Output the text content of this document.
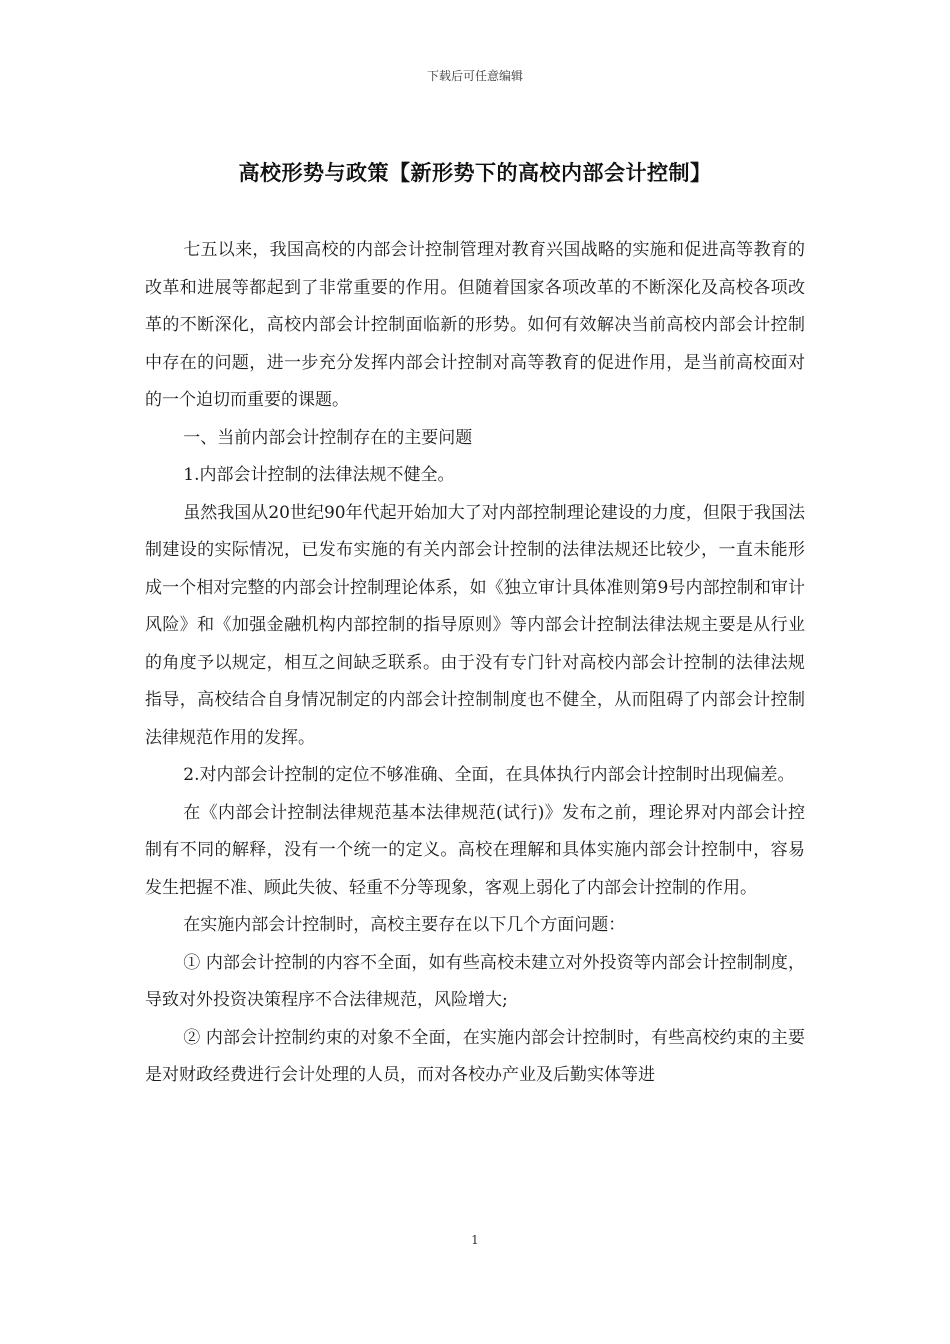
下载后可任意编辑
高校形势与政策【新形势下的高校内部会计控制】

七五以来，我国高校的内部会计控制管理对教育兴国战略的实施和促进高等教育的改革和进展等都起到了非常重要的作用。但随着国家各项改革的不断深化及高校各项改革的不断深化，高校内部会计控制面临新的形势。如何有效解决当前高校内部会计控制中存在的问题，进一步充分发挥内部会计控制对高等教育的促进作用，是当前高校面对的一个迫切而重要的课题。

一、当前内部会计控制存在的主要问题

1.内部会计控制的法律法规不健全。

虽然我国从20世纪90年代起开始加大了对内部控制理论建设的力度，但限于我国法制建设的实际情况，已发布实施的有关内部会计控制的法律法规还比较少，一直未能形成一个相对完整的内部会计控制理论体系，如《独立审计具体准则第9号内部控制和审计风险》和《加强金融机构内部控制的指导原则》等内部会计控制法律法规主要是从行业的角度予以规定，相互之间缺乏联系。由于没有专门针对高校内部会计控制的法律法规指导，高校结合自身情况制定的内部会计控制制度也不健全，从而阻碍了内部会计控制法律规范作用的发挥。

2.对内部会计控制的定位不够准确、全面，在具体执行内部会计控制时出现偏差。

在《内部会计控制法律规范基本法律规范(试行)》发布之前，理论界对内部会计控制有不同的解释，没有一个统一的定义。高校在理解和具体实施内部会计控制中，容易发生把握不准、顾此失彼、轻重不分等现象，客观上弱化了内部会计控制的作用。

在实施内部会计控制时，高校主要存在以下几个方面问题：

① 内部会计控制的内容不全面，如有些高校未建立对外投资等内部会计控制制度，导致对外投资决策程序不合法律规范，风险增大;

② 内部会计控制约束的对象不全面，在实施内部会计控制时，有些高校约束的主要是对财政经费进行会计处理的人员，而对各校办产业及后勤实体等进

1
